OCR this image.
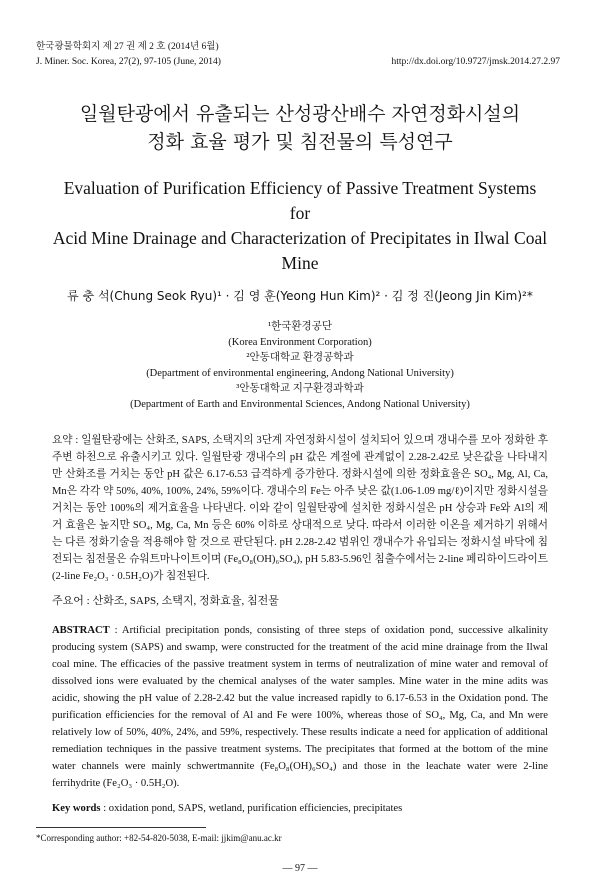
한국광물학회지 제 27 권 제 2 호 (2014년 6월)
J. Miner. Soc. Korea, 27(2), 97-105 (June, 2014)	http://dx.doi.org/10.9727/jmsk.2014.27.2.97
일월탄광에서 유출되는 산성광산배수 자연정화시설의
정화 효율 평가 및 침전물의 특성연구
Evaluation of Purification Efficiency of Passive Treatment Systems for
Acid Mine Drainage and Characterization of Precipitates in Ilwal Coal Mine
류 충 석(Chung Seok Ryu)¹ · 김 영 훈(Yeong Hun Kim)² · 김 정 진(Jeong Jin Kim)²*
¹한국환경공단
(Korea Environment Corporation)
²안동대학교 환경공학과
(Department of environmental engineering, Andong National University)
³안동대학교 지구환경과학과
(Department of Earth and Environmental Sciences, Andong National University)
요약 : 일월탄광에는 산화조, SAPS, 소택지의 3단계 자연정화시설이 설치되어 있으며 갱내수를 모아 정화한 후 주변 하천으로 유출시키고 있다. 일월탄광 갱내수의 pH 값은 계절에 관계없이 2.28-2.42로 낮은값을 나타내지만 산화조를 거치는 동안 pH 값은 6.17-6.53 급격하게 증가한다. 정화시설에 의한 정화효율은 SO₄, Mg, Al, Ca, Mn은 각각 약 50%, 40%, 100%, 24%, 59%이다. 갱내수의 Fe는 아주 낮은 값(1.06-1.09 mg/ℓ)이지만 정화시설을 거치는 동안 100%의 제거효율을 나타낸다. 이와 같이 일월탄광에 설치한 정화시설은 pH 상승과 Fe와 Al의 제거 효율은 높지만 SO₄, Mg, Ca, Mn 등은 60% 이하로 상대적으로 낮다. 따라서 이러한 이온을 제거하기 위해서는 다른 정화기술을 적용해야 할 것으로 판단된다. pH 2.28-2.42 범위인 갱내수가 유입되는 정화시설 바닥에 침전되는 침전물은 슈워트마나이트이며 (Fe₈O₈(OH)₆SO₄), pH 5.83-5.96인 침출수에서는 2-line 페리하이드라이트(2-line Fe₂O₃ · 0.5H₂O)가 침전된다.
주요어 : 산화조, SAPS, 소택지, 정화효율, 침전물
ABSTRACT : Artificial precipitation ponds, consisting of three steps of oxidation pond, successive alkalinity producing system (SAPS) and swamp, were constructed for the treatment of the acid mine drainage from the Ilwal coal mine. The efficacies of the passive treatment system in terms of neutralization of mine water and removal of dissolved ions were evaluated by the chemical analyses of the water samples. Mine water in the mine adits was acidic, showing the pH value of 2.28-2.42 but the value increased rapidly to 6.17-6.53 in the Oxidation pond. The purification efficiencies for the removal of Al and Fe were 100%, whereas those of SO₄, Mg, Ca, and Mn were relatively low of 50%, 40%, 24%, and 59%, respectively. These results indicate a need for application of additional remediation techniques in the passive treatment systems. The precipitates that formed at the bottom of the mine water channels were mainly schwertmannite (Fe₈O₈(OH)₆SO₄) and those in the leachate water were 2-line ferrihydrite (Fe₂O₃ · 0.5H₂O).
Key words : oxidation pond, SAPS, wetland, purification efficiencies, precipitates
*Corresponding author: +82-54-820-5038, E-mail: jjkim@anu.ac.kr
— 97 —
